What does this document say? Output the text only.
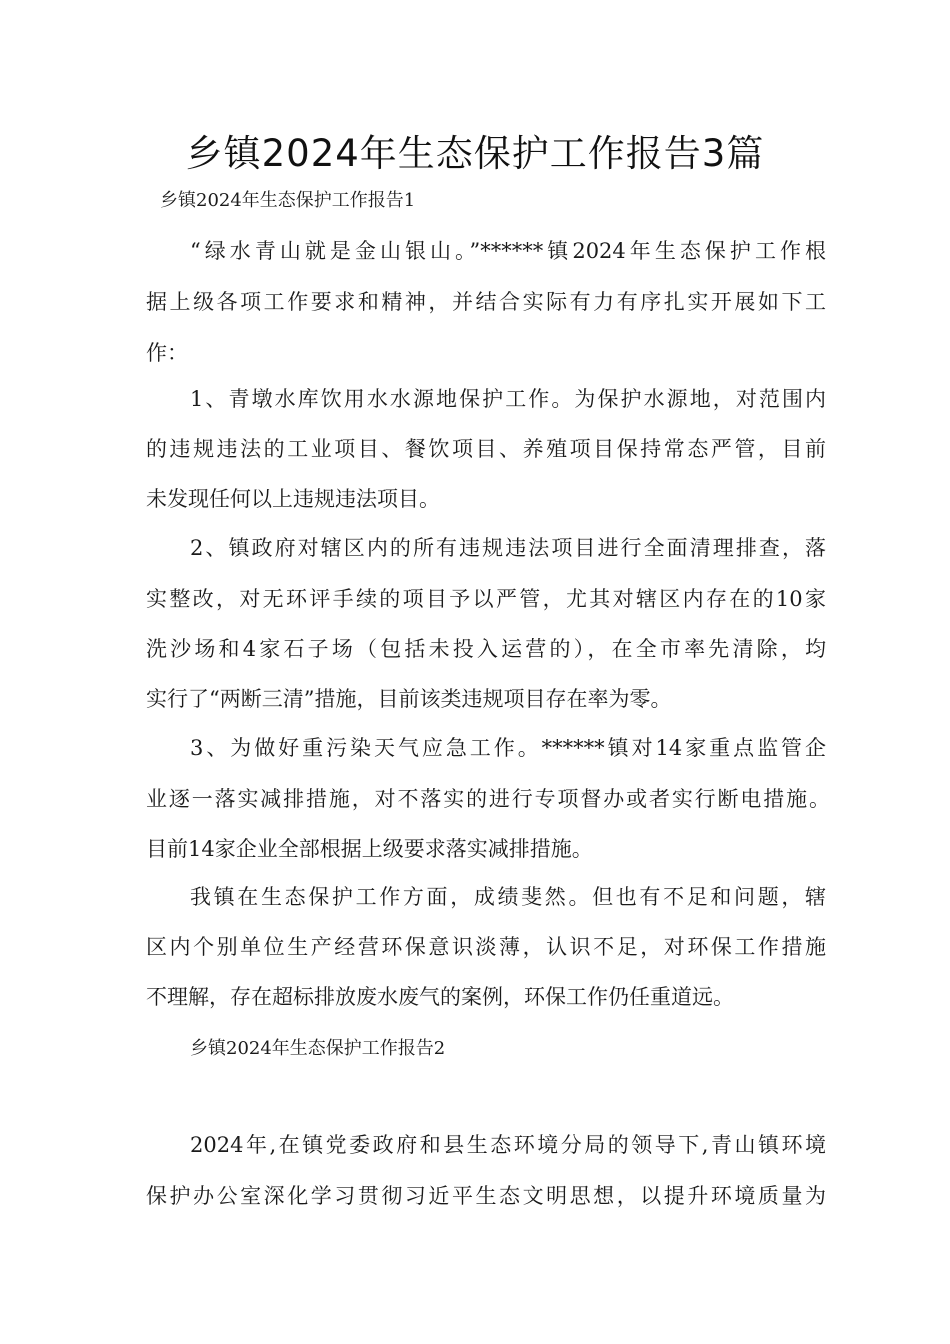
乡镇2024年生态保护工作报告3篇
乡镇2024年生态保护工作报告1
“绿水青山就是金山银山。”******镇2024年生态保护工作根
据上级各项工作要求和精神，并结合实际有力有序扎实开展如下工
作：
1、青墩水库饮用水水源地保护工作。为保护水源地，对范围内
的违规违法的工业项目、餐饮项目、养殖项目保持常态严管，目前
未发现任何以上违规违法项目。
2、镇政府对辖区内的所有违规违法项目进行全面清理排查，落
实整改，对无环评手续的项目予以严管，尤其对辖区内存在的10家
洗沙场和4家石子场（包括未投入运营的），在全市率先清除，均
实行了“两断三清”措施，目前该类违规项目存在率为零。
3、为做好重污染天气应急工作。******镇对14家重点监管企
业逐一落实减排措施，对不落实的进行专项督办或者实行断电措施。
目前14家企业全部根据上级要求落实减排措施。
我镇在生态保护工作方面，成绩斐然。但也有不足和问题，辖
区内个别单位生产经营环保意识淡薄，认识不足，对环保工作措施
不理解，存在超标排放废水废气的案例，环保工作仍任重道远。
乡镇2024年生态保护工作报告2
2024年,在镇党委政府和县生态环境分局的领导下,青山镇环境
保护办公室深化学习贯彻习近平生态文明思想，以提升环境质量为
